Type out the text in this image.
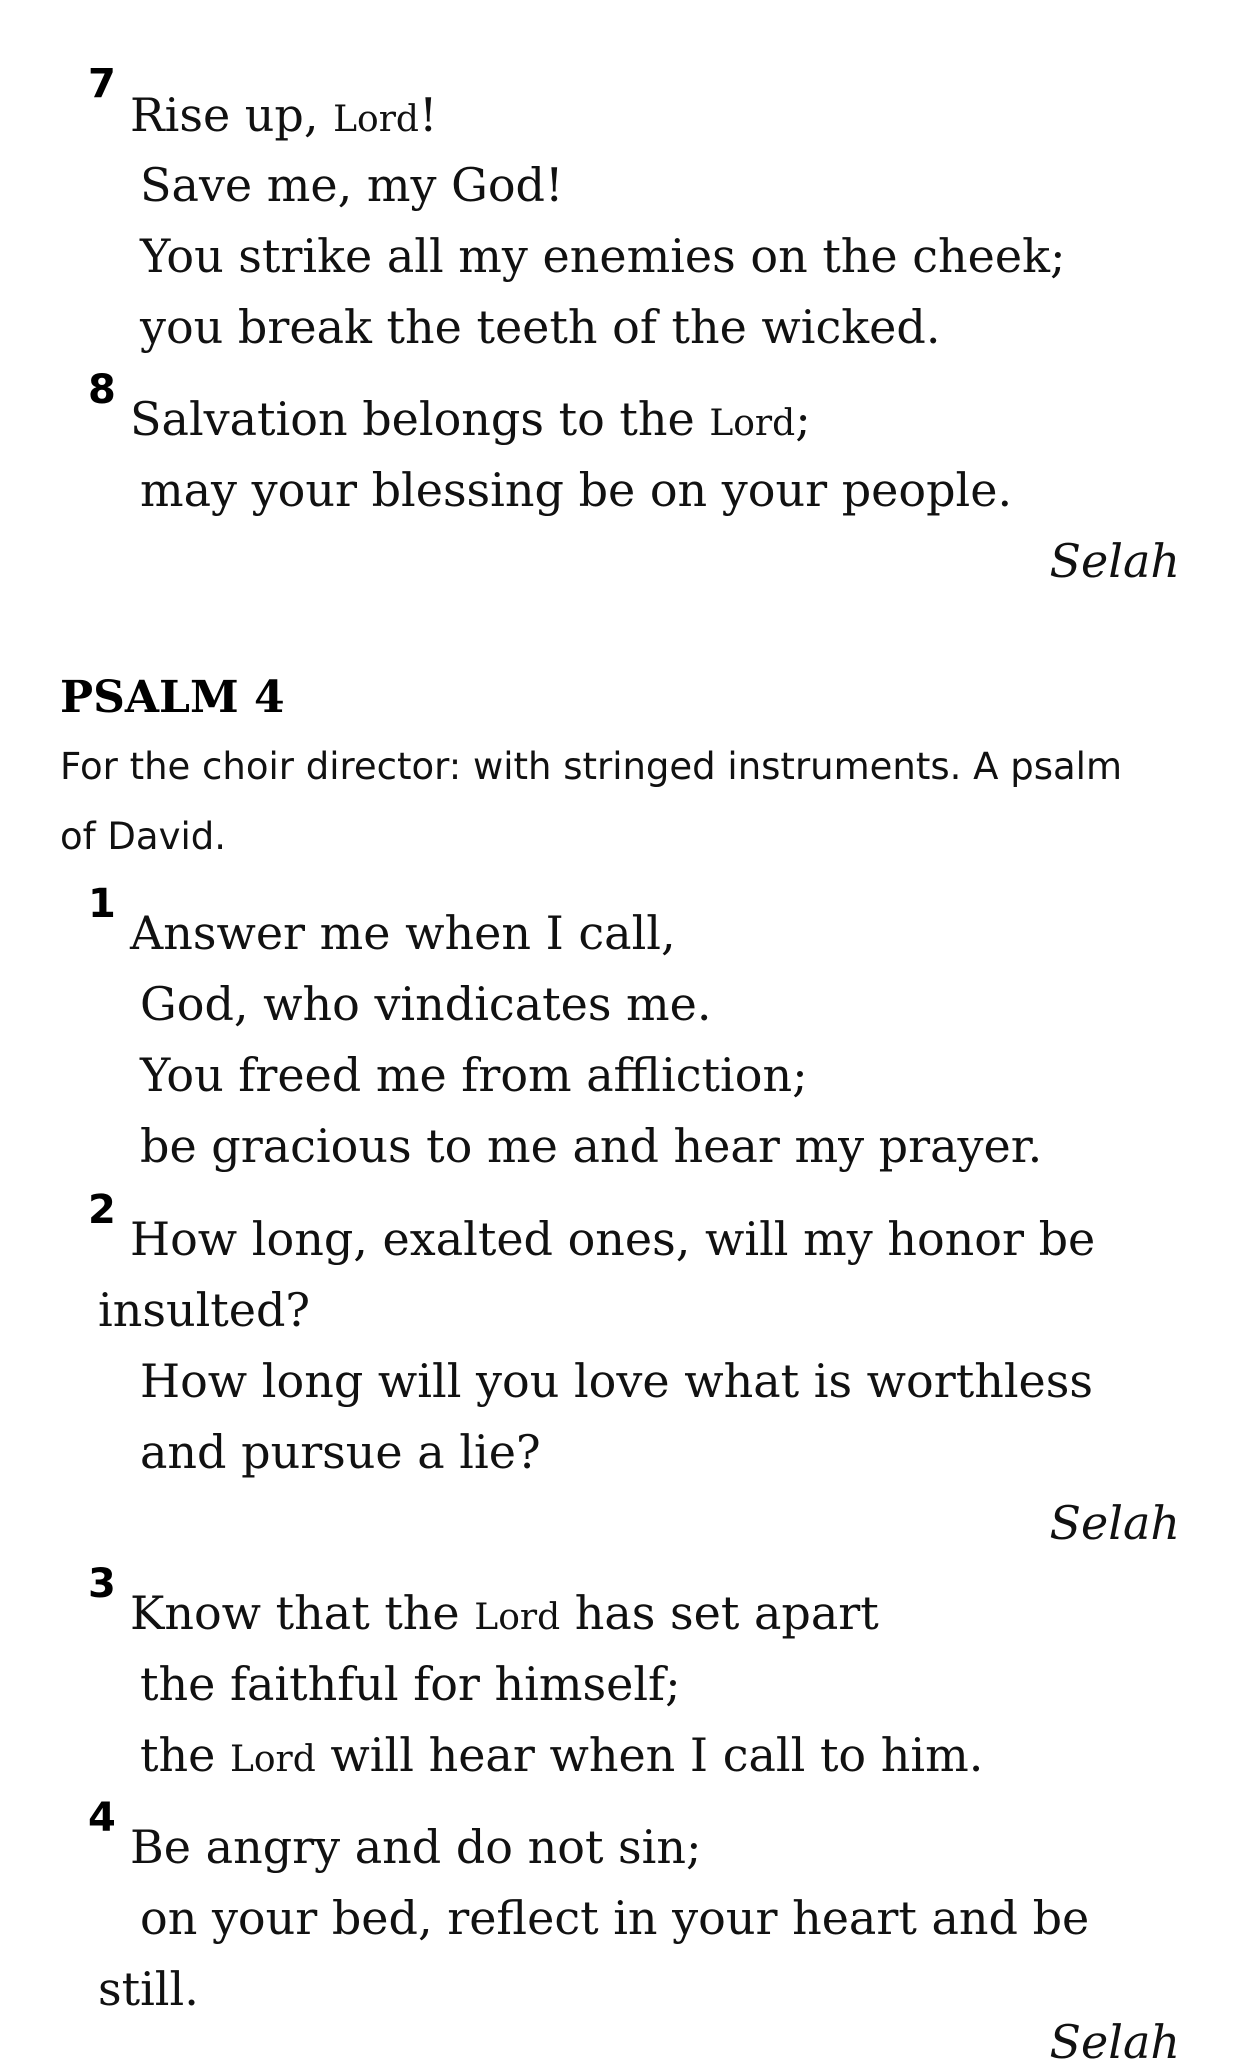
7
Rise up, Lord!
Save me, my God!
You strike all my enemies on the cheek;
you break the teeth of the wicked.
8
Salvation belongs to the Lord;
may your blessing be on your people.
Selah
PSALM 4
For the choir director: with stringed instruments. A psalm of David.
1
Answer me when I call,
God, who vindicates me.
You freed me from affliction;
be gracious to me and hear my prayer.
2
How long, exalted ones, will my honor be
insulted?
How long will you love what is worthless
and pursue a lie?
Selah
3
Know that the Lord has set apart
the faithful for himself;
the Lord will hear when I call to him.
4
Be angry and do not sin;
on your bed, reflect in your heart and be
still.
Selah
